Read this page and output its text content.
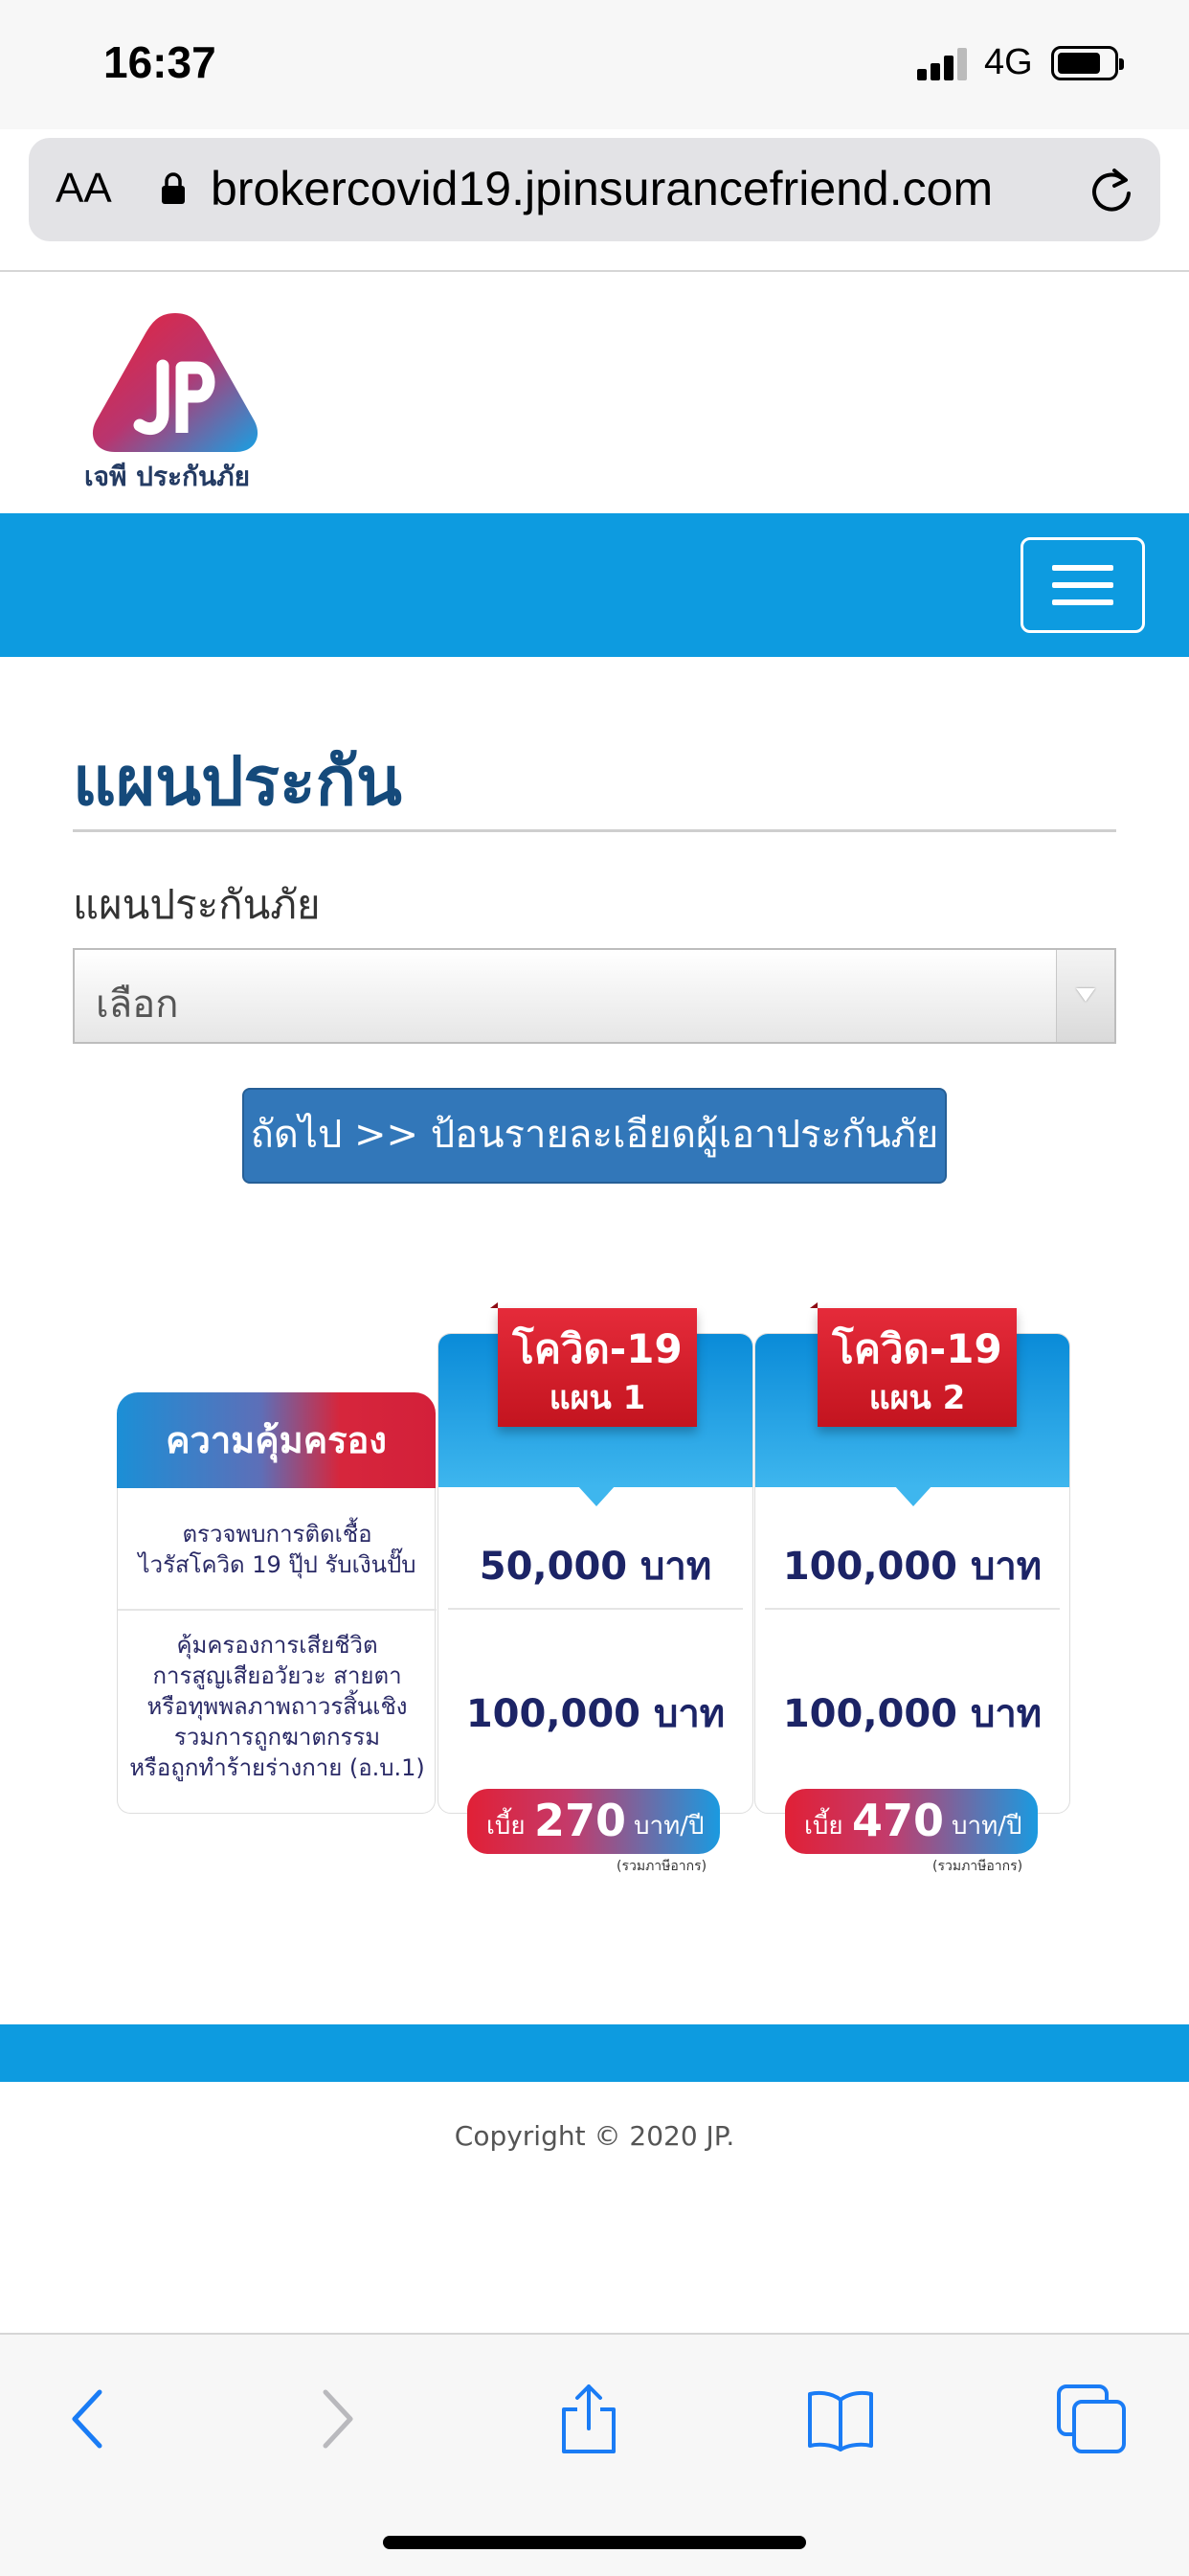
16:37	4G
AA brokercovid19.jpinsurancefriend.com
เจพี ประกันภัย
แผนประกัน
แผนประกันภัย
เลือก
ถัดไป >> ป้อนรายละเอียดผู้เอาประกันภัย
ความคุ้มครอง
ตรวจพบการติดเชื้อ
ไวรัสโควิด 19 ปุ๊ป รับเงินปั๊บ
คุ้มครองการเสียชีวิต
การสูญเสียอวัยวะ สายตา
หรือทุพพลภาพถาวรสิ้นเชิง
รวมการถูกฆาตกรรม
หรือถูกทำร้ายร่างกาย (อ.บ.1)
50,000 บาท
100,000 บาท
โควิด-19
แผน 1
เบี้ย 270 บาท/ปี
(รวมภาษีอากร)
100,000 บาท
100,000 บาท
โควิด-19
แผน 2
เบี้ย 470 บาท/ปี
(รวมภาษีอากร)
Copyright © 2020 JP.
